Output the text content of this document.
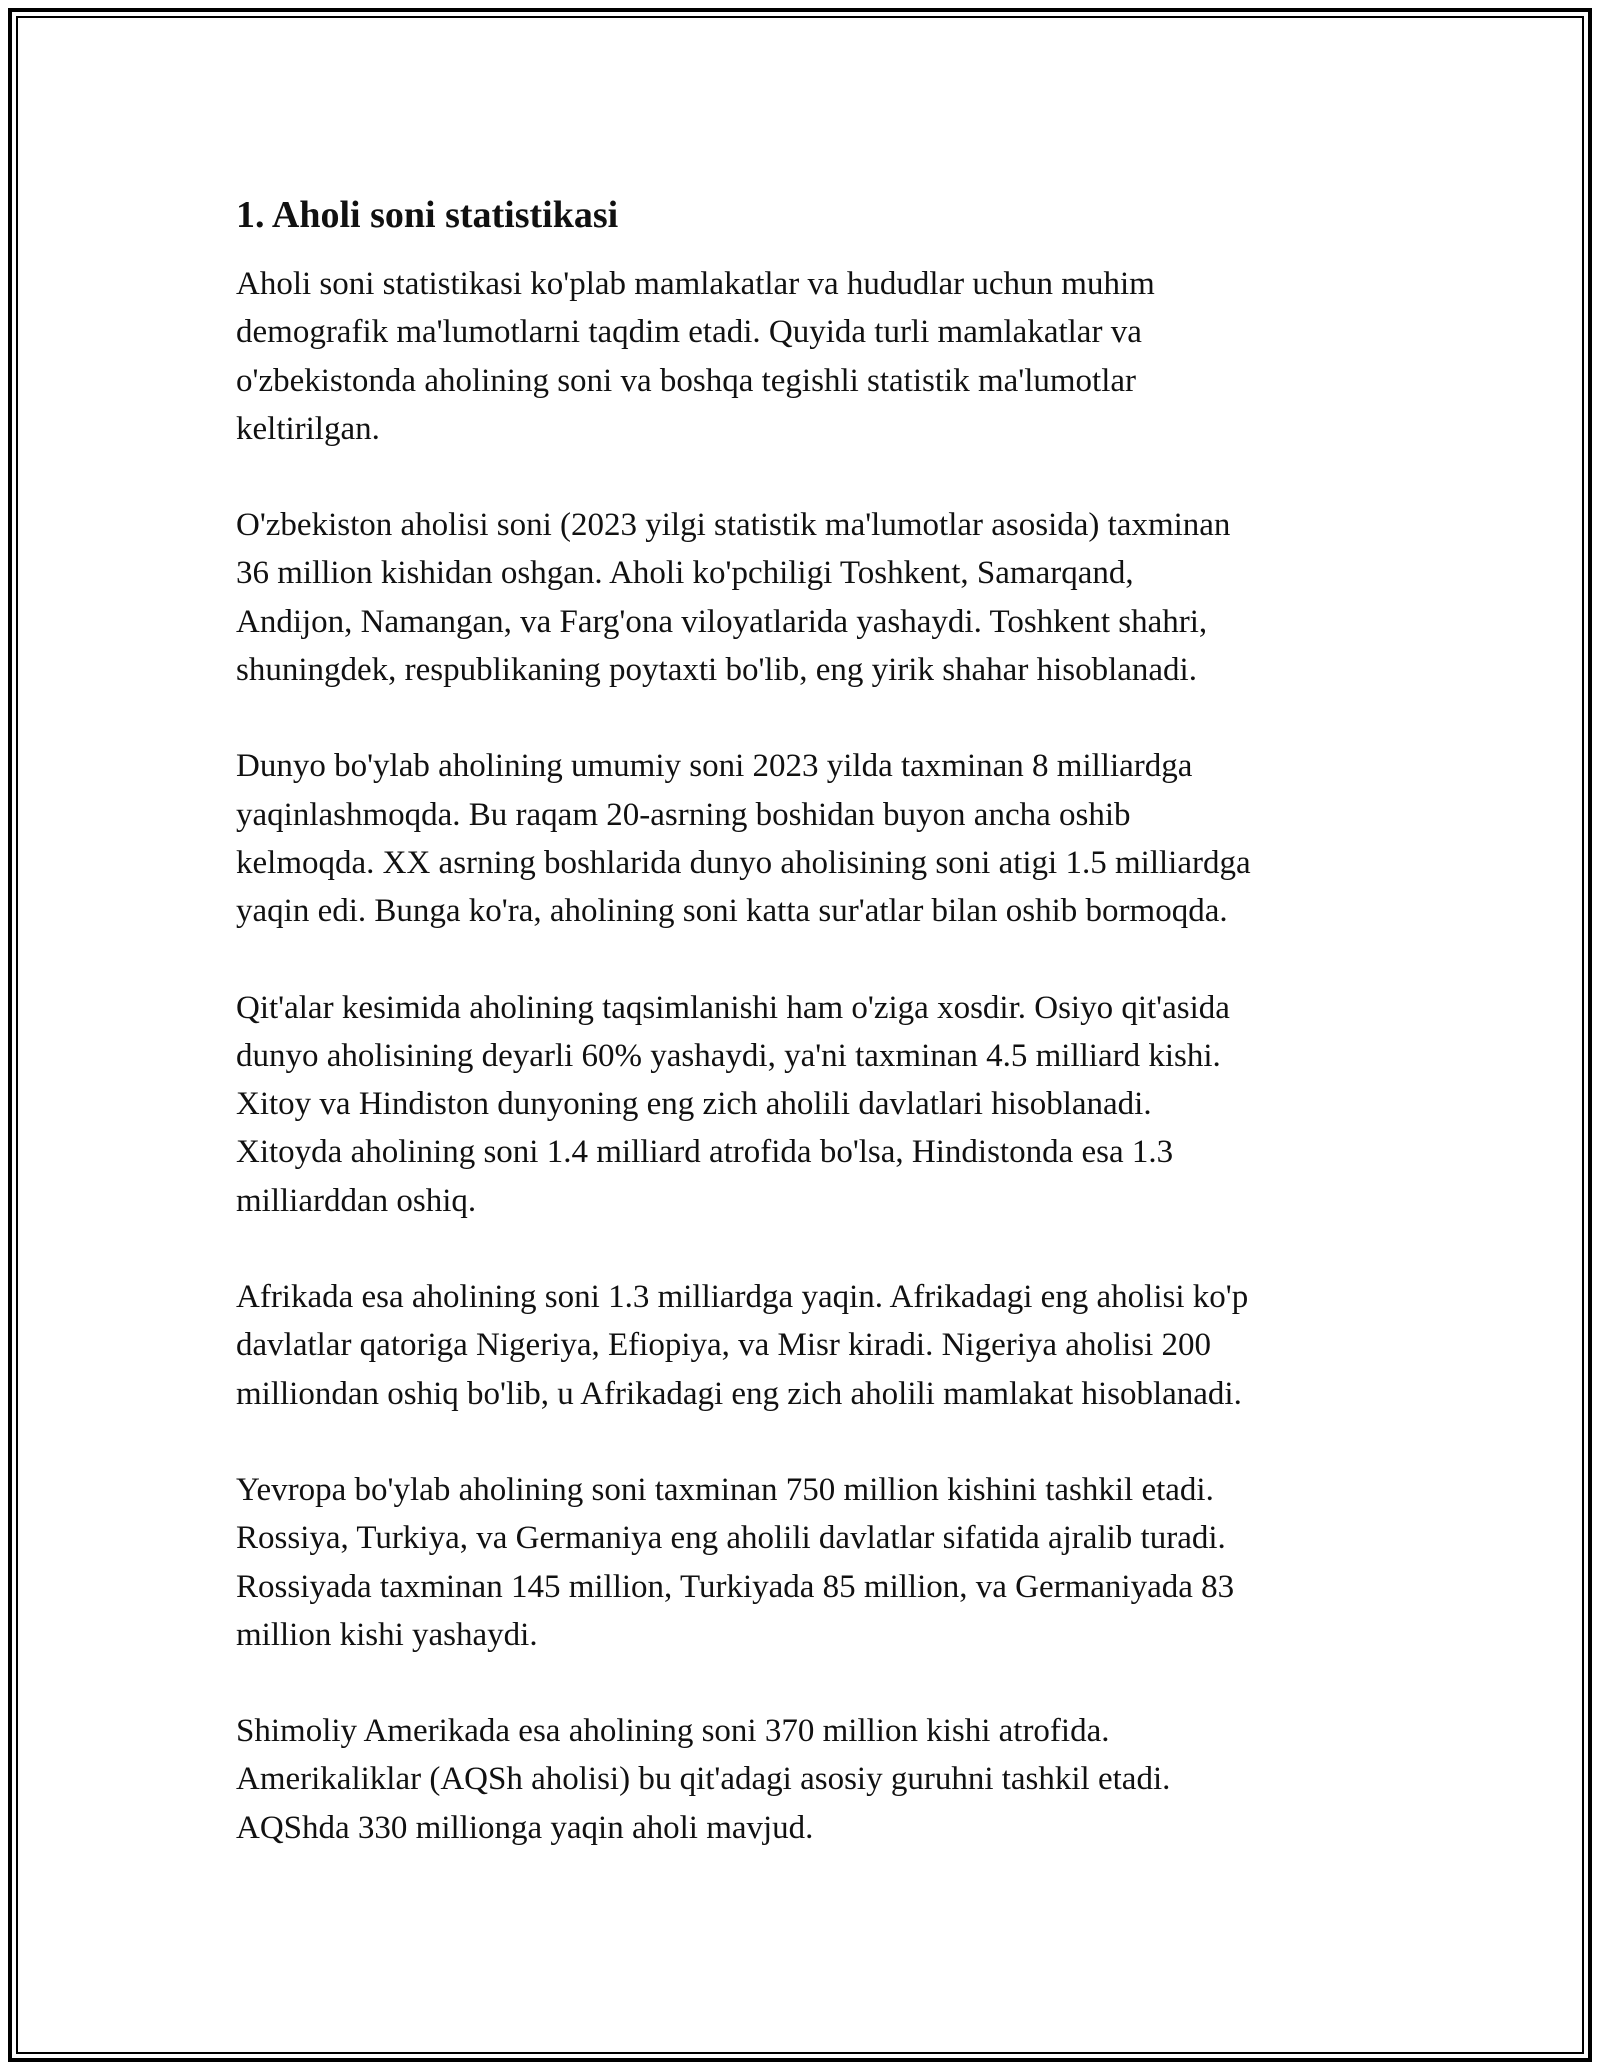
1. Aholi soni statistikasi

Aholi soni statistikasi ko'plab mamlakatlar va hududlar uchun muhim
demografik ma'lumotlarni taqdim etadi. Quyida turli mamlakatlar va
o'zbekistonda aholining soni va boshqa tegishli statistik ma'lumotlar
keltirilgan.

O'zbekiston aholisi soni (2023 yilgi statistik ma'lumotlar asosida) taxminan
36 million kishidan oshgan. Aholi ko'pchiligi Toshkent, Samarqand,
Andijon, Namangan, va Farg'ona viloyatlarida yashaydi. Toshkent shahri,
shuningdek, respublikaning poytaxti bo'lib, eng yirik shahar hisoblanadi.

Dunyo bo'ylab aholining umumiy soni 2023 yilda taxminan 8 milliardga
yaqinlashmoqda. Bu raqam 20-asrning boshidan buyon ancha oshib
kelmoqda. XX asrning boshlarida dunyo aholisining soni atigi 1.5 milliardga
yaqin edi. Bunga ko'ra, aholining soni katta sur'atlar bilan oshib bormoqda.

Qit'alar kesimida aholining taqsimlanishi ham o'ziga xosdir. Osiyo qit'asida
dunyo aholisining deyarli 60% yashaydi, ya'ni taxminan 4.5 milliard kishi.
Xitoy va Hindiston dunyoning eng zich aholili davlatlari hisoblanadi.
Xitoyda aholining soni 1.4 milliard atrofida bo'lsa, Hindistonda esa 1.3
milliarddan oshiq.

Afrikada esa aholining soni 1.3 milliardga yaqin. Afrikadagi eng aholisi ko'p
davlatlar qatoriga Nigeriya, Efiopiya, va Misr kiradi. Nigeriya aholisi 200
milliondan oshiq bo'lib, u Afrikadagi eng zich aholili mamlakat hisoblanadi.

Yevropa bo'ylab aholining soni taxminan 750 million kishini tashkil etadi.
Rossiya, Turkiya, va Germaniya eng aholili davlatlar sifatida ajralib turadi.
Rossiyada taxminan 145 million, Turkiyada 85 million, va Germaniyada 83
million kishi yashaydi.

Shimoliy Amerikada esa aholining soni 370 million kishi atrofida.
Amerikaliklar (AQSh aholisi) bu qit'adagi asosiy guruhni tashkil etadi.
AQShda 330 millionga yaqin aholi mavjud.
